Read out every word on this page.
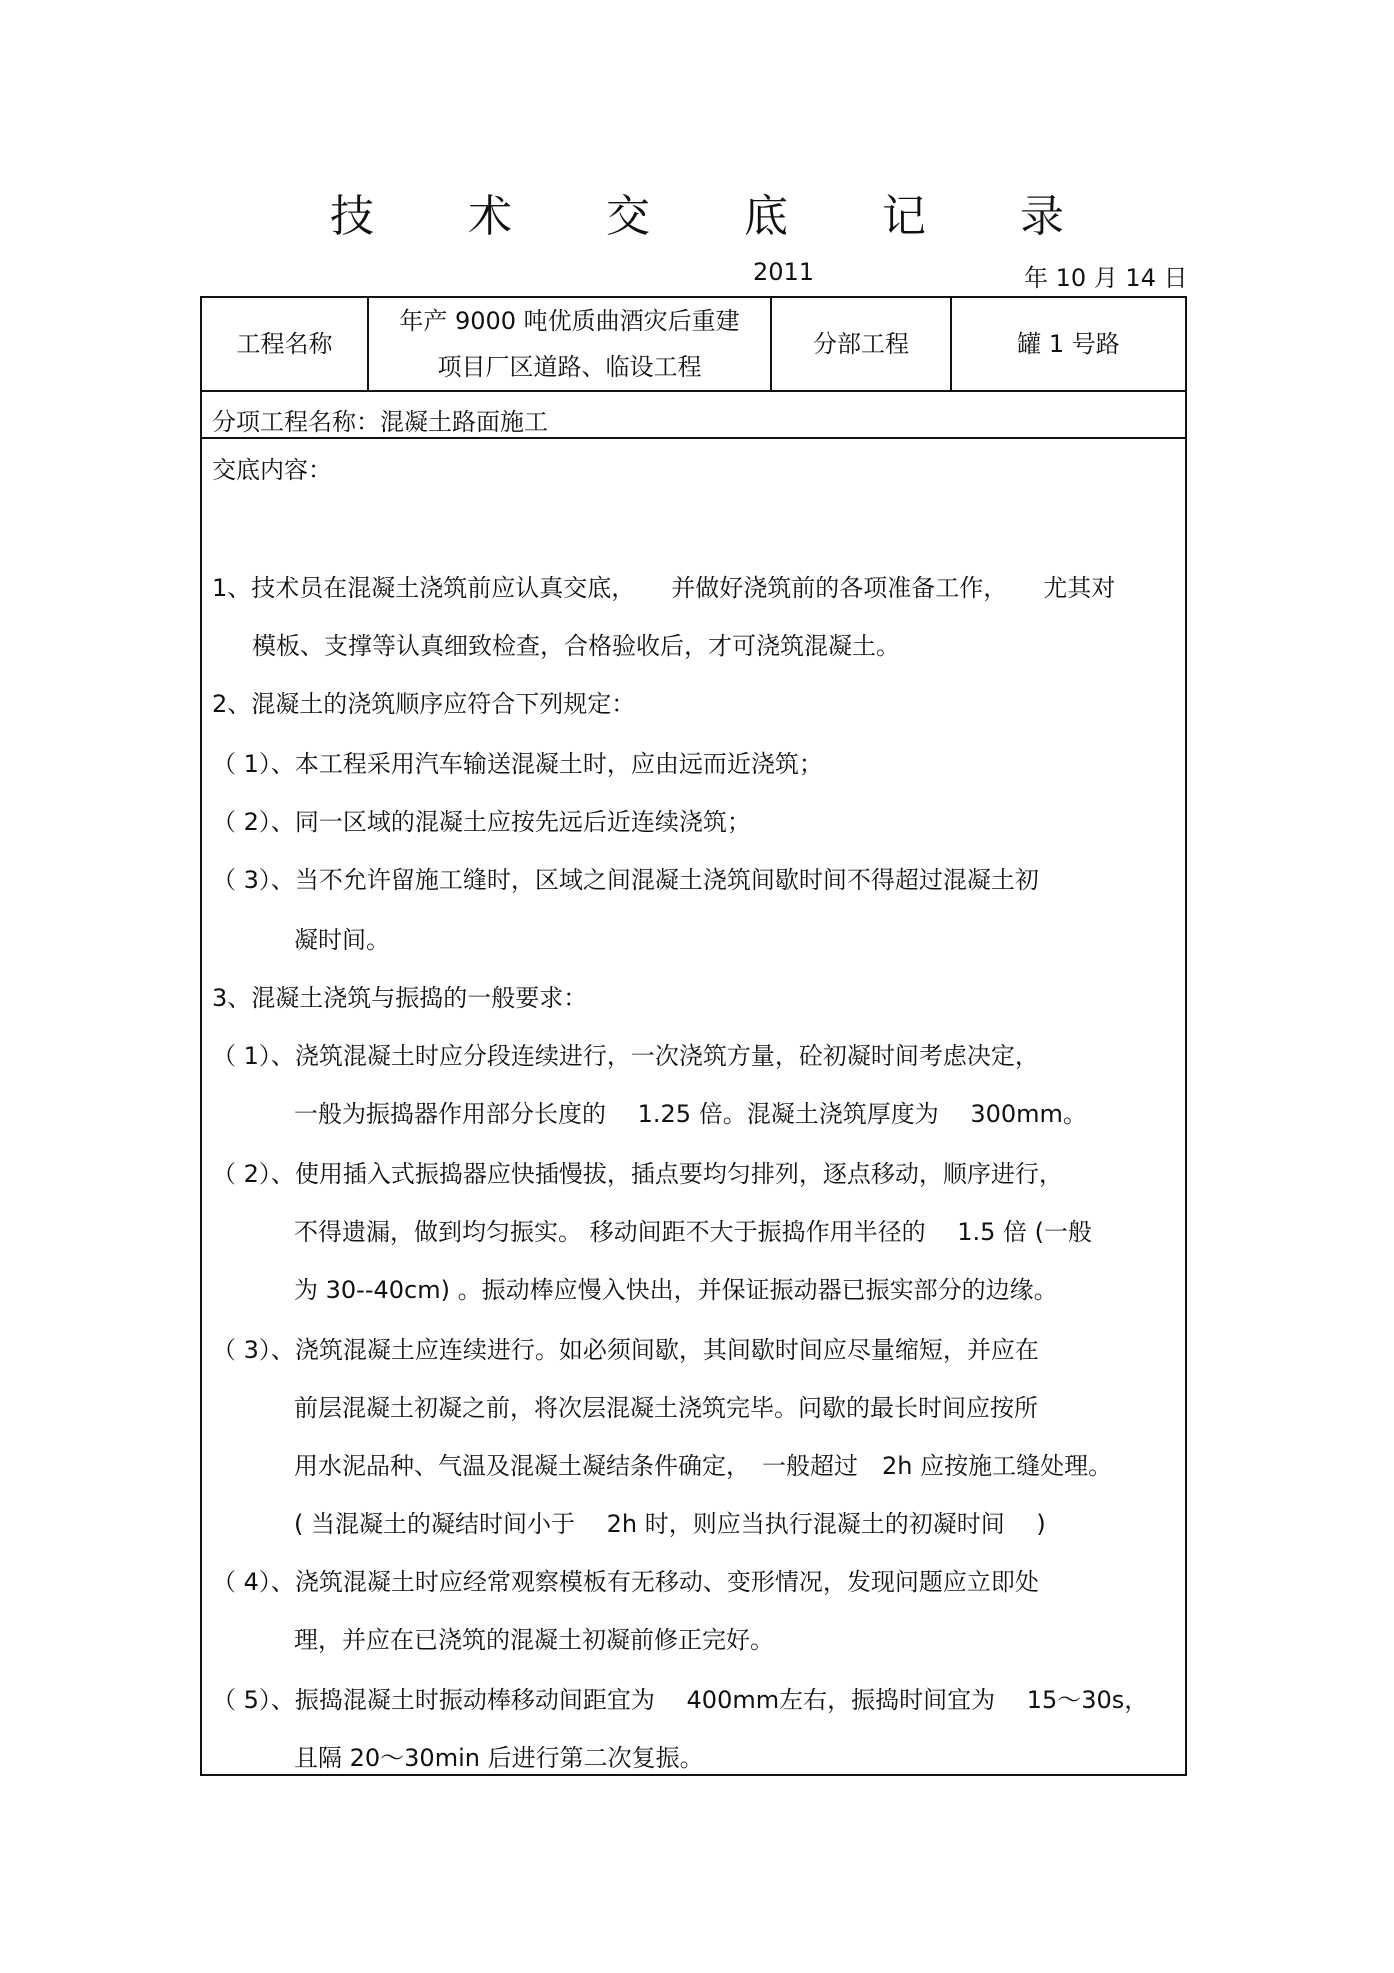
技 术 交 底 记 录
2011	年 10 月 14 日
工程名称
年产 9000 吨优质曲酒灾后重建
项目厂区道路、临设工程
分部工程	罐 1 号路
分项工程名称：混凝土路面施工
交底内容：
1、技术员在混凝土浇筑前应认真交底，　　并做好浇筑前的各项准备工作，　　尤其对
模板、支撑等认真细致检查，合格验收后，才可浇筑混凝土。
2、混凝土的浇筑顺序应符合下列规定：
（ 1）、本工程采用汽车输送混凝土时，应由远而近浇筑；
（ 2）、同一区域的混凝土应按先远后近连续浇筑；
（ 3）、当不允许留施工缝时，区域之间混凝土浇筑间歇时间不得超过混凝土初
凝时间。
3、混凝土浇筑与振捣的一般要求：
（ 1）、浇筑混凝土时应分段连续进行，一次浇筑方量，砼初凝时间考虑决定，
一般为振捣器作用部分长度的　 1.25 倍。混凝土浇筑厚度为　 300mm。
（ 2）、使用插入式振捣器应快插慢拔，插点要均匀排列，逐点移动，顺序进行，
不得遗漏，做到均匀振实。 移动间距不大于振捣作用半径的　 1.5 倍 (一般
为 30--40cm) 。振动棒应慢入快出，并保证振动器已振实部分的边缘。
（ 3）、浇筑混凝土应连续进行。如必须间歇，其间歇时间应尽量缩短，并应在
前层混凝土初凝之前，将次层混凝土浇筑完毕。问歇的最长时间应按所
用水泥品种、气温及混凝土凝结条件确定，　一般超过　2h 应按施工缝处理。
( 当混凝土的凝结时间小于　 2h 时，则应当执行混凝土的初凝时间　 )
（ 4）、浇筑混凝土时应经常观察模板有无移动、变形情况，发现问题应立即处
理，并应在已浇筑的混凝土初凝前修正完好。
（ 5）、振捣混凝土时振动棒移动间距宜为　 400mm左右，振捣时间宜为　 15～30s，
且隔 20～30min 后进行第二次复振。
